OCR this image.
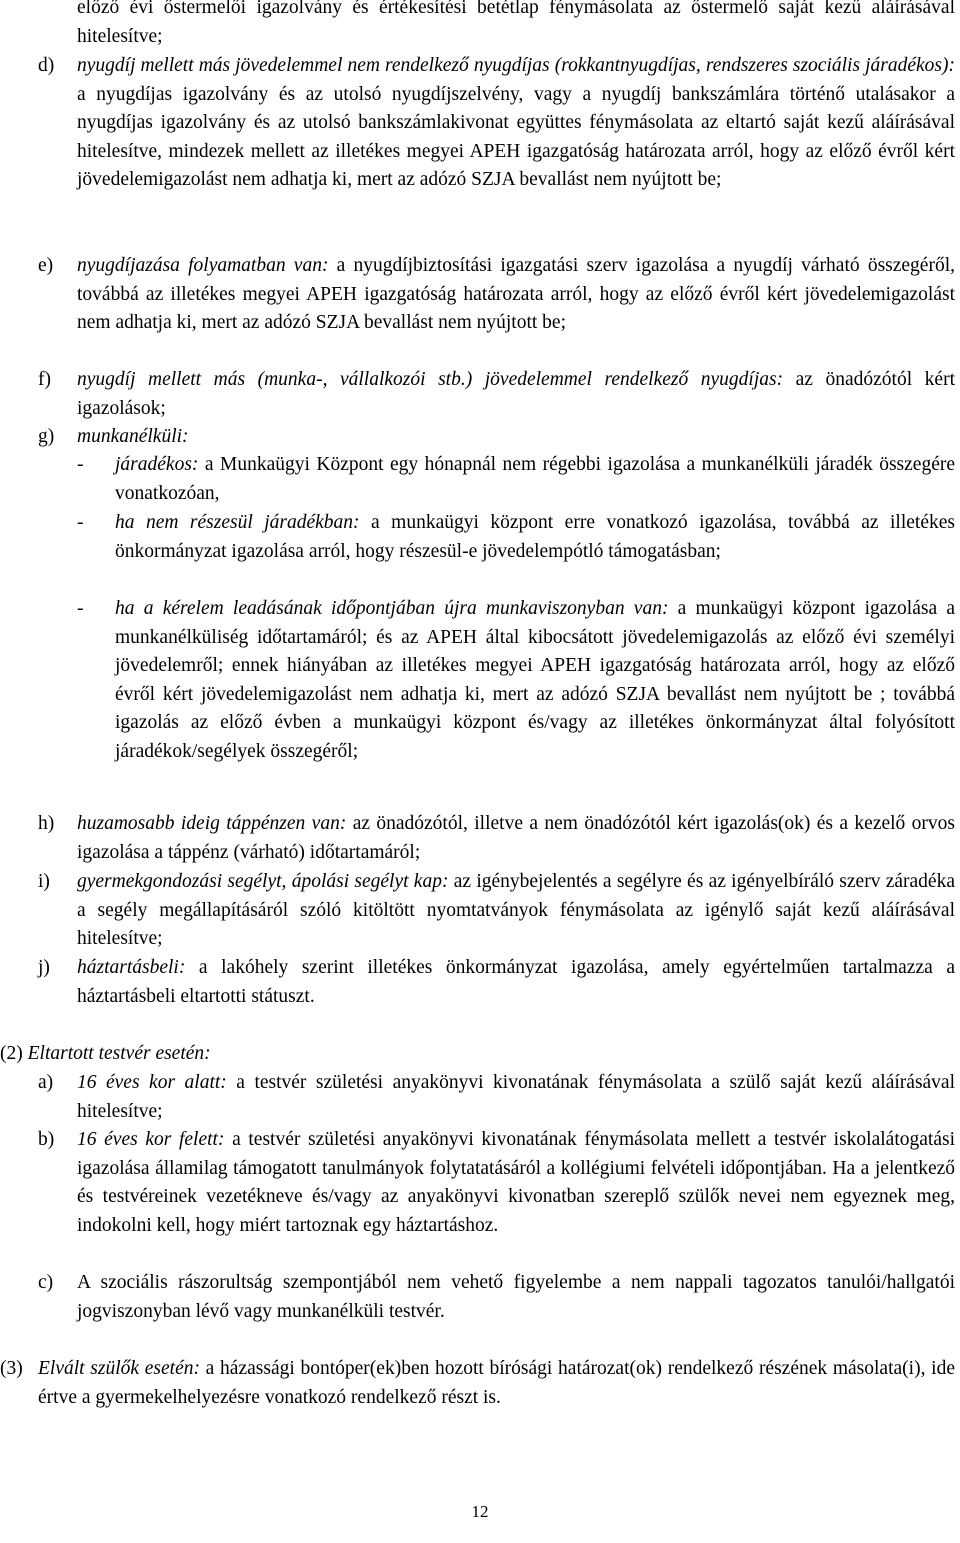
előző évi őstermelői igazolvány és értékesítési betétlap fénymásolata az őstermelő saját kezű aláírásával hitelesítve;

d) nyugdíj mellett más jövedelemmel nem rendelkező nyugdíjas (rokkantnyugdíjas, rendszeres szociális járadékos): a nyugdíjas igazolvány és az utolsó nyugdíjszelvény, vagy a nyugdíj bankszámlára történő utalásakor a nyugdíjas igazolvány és az utolsó bankszámlakivonat együttes fénymásolata az eltartó saját kezű aláírásával hitelesítve, mindezek mellett az illetékes megyei APEH igazgatóság határozata arról, hogy az előző évről kért jövedelemigazolást nem adhatja ki, mert az adózó SZJA bevallást nem nyújtott be;

e) nyugdíjazása folyamatban van: a nyugdíjbiztosítási igazgatási szerv igazolása a nyugdíj várható összegéről, továbbá az illetékes megyei APEH igazgatóság határozata arról, hogy az előző évről kért jövedelemigazolást nem adhatja ki, mert az adózó SZJA bevallást nem nyújtott be;

f) nyugdíj mellett más (munka-, vállalkozói stb.) jövedelemmel rendelkező nyugdíjas: az önadózótól kért igazolások;

g) munkanélküli:

- járadékos: a Munkaügyi Központ egy hónapnál nem régebbi igazolása a munkanélküli járadék összegére vonatkozóan,

- ha nem részesül járadékban: a munkaügyi központ erre vonatkozó igazolása, továbbá az illetékes önkormányzat igazolása arról, hogy részesül-e jövedelempótló támogatásban;

- ha a kérelem leadásának időpontjában újra munkaviszonyban van: a munkaügyi központ igazolása a munkanélküliség időtartamáról; és az APEH által kibocsátott jövedelemigazolás az előző évi személyi jövedelemről; ennek hiányában az illetékes megyei APEH igazgatóság határozata arról, hogy az előző évről kért jövedelemigazolást nem adhatja ki, mert az adózó SZJA bevallást nem nyújtott be ; továbbá igazolás az előző évben a munkaügyi központ és/vagy az illetékes önkormányzat által folyósított járadékok/segélyek összegéről;

h) huzamosabb ideig táppénzen van: az önadózótól, illetve a nem önadózótól kért igazolás(ok) és a kezelő orvos igazolása a táppénz (várható) időtartamáról;

i) gyermekgondozási segélyt, ápolási segélyt kap: az igénybejelentés a segélyre és az igényelbíráló szerv záradéka a segély megállapításáról szóló kitöltött nyomtatványok fénymásolata az igénylő saját kezű aláírásával hitelesítve;

j) háztartásbeli: a lakóhely szerint illetékes önkormányzat igazolása, amely egyértelműen tartalmazza a háztartásbeli eltartotti státuszt.

(2) Eltartott testvér esetén:
a) 16 éves kor alatt: a testvér születési anyakönyvi kivonatának fénymásolata a szülő saját kezű aláírásával hitelesítve;

b) 16 éves kor felett: a testvér születési anyakönyvi kivonatának fénymásolata mellett a testvér iskolalátogatási igazolása államilag támogatott tanulmányok folytatatásáról a kollégiumi felvételi időpontjában. Ha a jelentkező és testvéreinek vezetékneve és/vagy az anyakönyvi kivonatban szereplő szülők nevei nem egyeznek meg, indokolni kell, hogy miért tartoznak egy háztartáshoz.

c) A szociális rászorultság szempontjából nem vehető figyelembe a nem nappali tagozatos tanulói/hallgatói jogviszonyban lévő vagy munkanélküli testvér.

(3) Elvált szülők esetén: a házassági bontóper(ek)ben hozott bírósági határozat(ok) rendelkező részének másolata(i), ide értve a gyermekelhelyezésre vonatkozó rendelkező részt is.

12
